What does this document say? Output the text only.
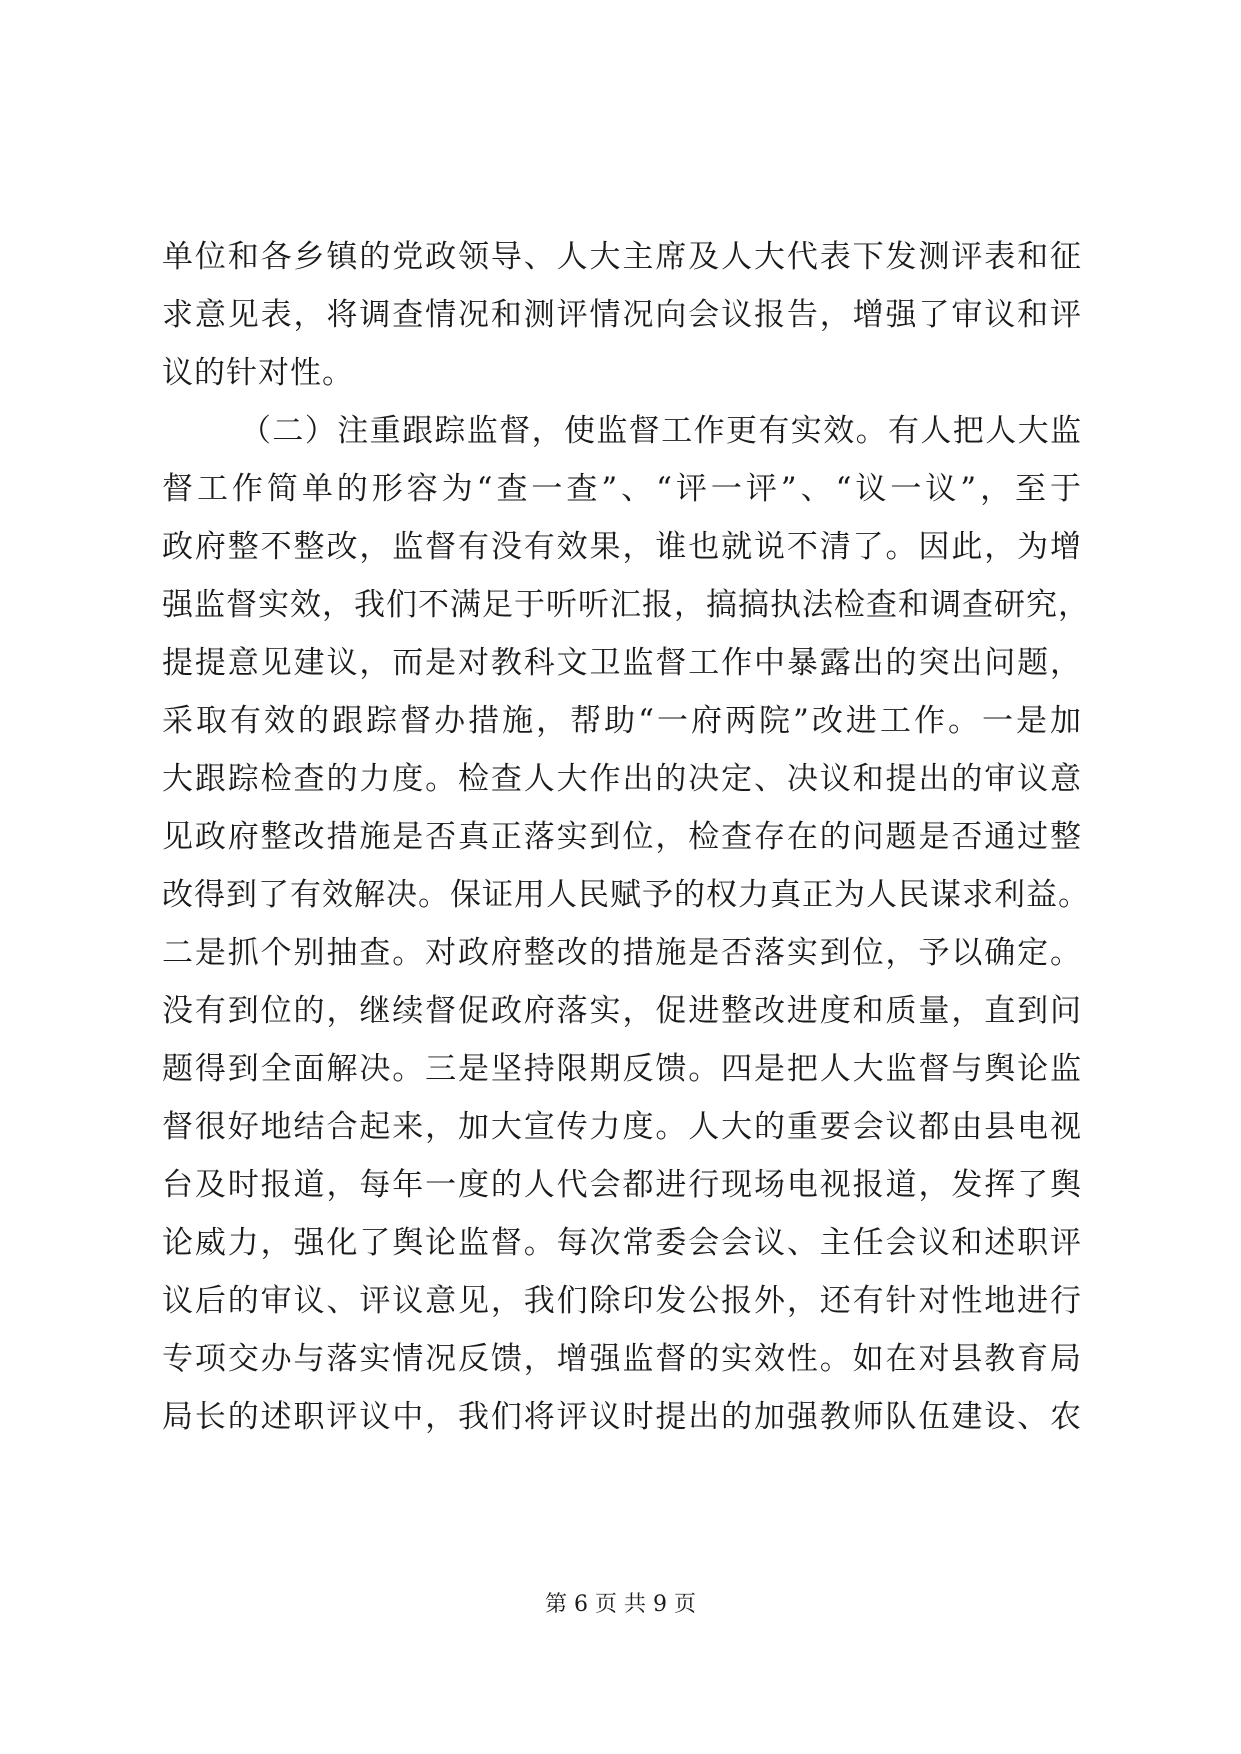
单位和各乡镇的党政领导、人大主席及人大代表下发测评表和征
求意见表，将调查情况和测评情况向会议报告，增强了审议和评
议的针对性。
（二）注重跟踪监督，使监督工作更有实效。有人把人大监
督工作简单的形容为“查一查”、“评一评”、“议一议”，至于
政府整不整改，监督有没有效果，谁也就说不清了。因此，为增
强监督实效，我们不满足于听听汇报，搞搞执法检查和调查研究，
提提意见建议，而是对教科文卫监督工作中暴露出的突出问题，
采取有效的跟踪督办措施，帮助“一府两院”改进工作。一是加
大跟踪检查的力度。检查人大作出的决定、决议和提出的审议意
见政府整改措施是否真正落实到位，检查存在的问题是否通过整
改得到了有效解决。保证用人民赋予的权力真正为人民谋求利益。
二是抓个别抽查。对政府整改的措施是否落实到位，予以确定。
没有到位的，继续督促政府落实，促进整改进度和质量，直到问
题得到全面解决。三是坚持限期反馈。四是把人大监督与舆论监
督很好地结合起来，加大宣传力度。人大的重要会议都由县电视
台及时报道，每年一度的人代会都进行现场电视报道，发挥了舆
论威力，强化了舆论监督。每次常委会会议、主任会议和述职评
议后的审议、评议意见，我们除印发公报外，还有针对性地进行
专项交办与落实情况反馈，增强监督的实效性。如在对县教育局
局长的述职评议中，我们将评议时提出的加强教师队伍建设、农
第 6 页 共 9 页
